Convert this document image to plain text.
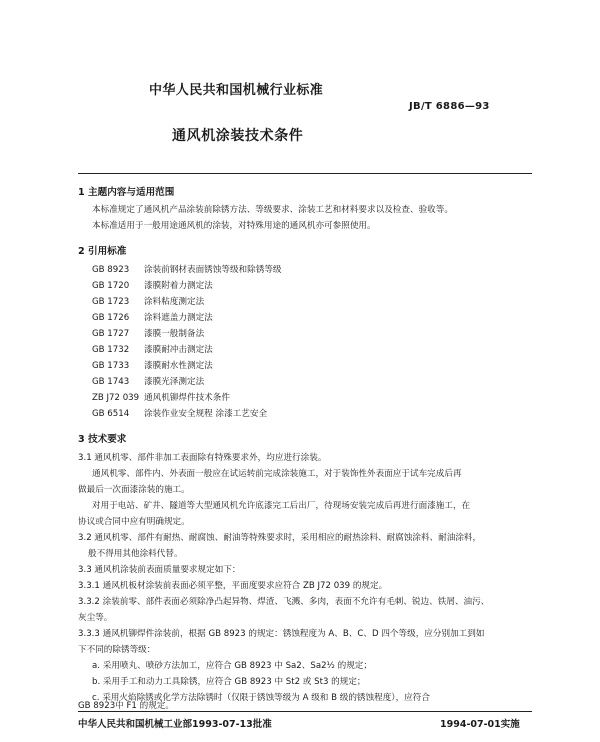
中华人民共和国机械行业标准
JB/T 6886—93
通风机涂装技术条件
1 主题内容与适用范围
本标准规定了通风机产品涂装前除锈方法、等级要求、涂装工艺和材料要求以及检查、验收等。
本标准适用于一般用途通风机的涂装，对特殊用途的通风机亦可参照使用。
2 引用标准
GB 8923 涂装前钢材表面锈蚀等级和除锈等级
GB 1720 漆膜附着力测定法
GB 1723 涂料粘度测定法
GB 1726 涂料遮盖力测定法
GB 1727 漆膜一般制备法
GB 1732 漆膜耐冲击测定法
GB 1733 漆膜耐水性测定法
GB 1743 漆膜光泽测定法
ZB J72 039 通风机铆焊件技术条件
GB 6514 涂装作业安全规程 涂漆工艺安全
3 技术要求
3.1 通风机零、部件非加工表面除有特殊要求外，均应进行涂装。
通风机零、部件内、外表面一般应在试运转前完成涂装施工，对于装饰性外表面应于试车完成后再
做最后一次面漆涂装的施工。
对用于电站、矿井、隧道等大型通风机允许底漆完工后出厂，待现场安装完成后再进行面漆施工，在
协议或合同中应有明确规定。
3.2 通风机零、部件有耐热、耐腐蚀、耐油等特殊要求时，采用相应的耐热涂料、耐腐蚀涂料、耐油涂料，
般不得用其他涂料代替。
3.3 通风机涂装前表面质量要求规定如下：
3.3.1 通风机板材涂装前表面必须平整，平面度要求应符合 ZB J72 039 的规定。
3.3.2 涂装前零、部件表面必须除净凸起异物、焊渣、飞溅、多肉，表面不允许有毛刺、锐边、铁屑、油污、
灰尘等。
3.3.3 通风机铆焊件涂装前，根据 GB 8923 的规定：锈蚀程度为 A、B、C、D 四个等级，应分别加工到如
下不同的除锈等级：
a. 采用喷丸、喷砂方法加工，应符合 GB 8923 中 Sa2、Sa2½ 的规定；
b. 采用手工和动力工具除锈，应符合 GB 8923 中 St2 或 St3 的规定；
c. 采用火焰除锈或化学方法除锈时（仅限于锈蚀等级为 A 级和 B 级的锈蚀程度），应符合
GB 8923中 F1 的规定。
中华人民共和国机械工业部1993-07-13批准	1994-07-01实施
